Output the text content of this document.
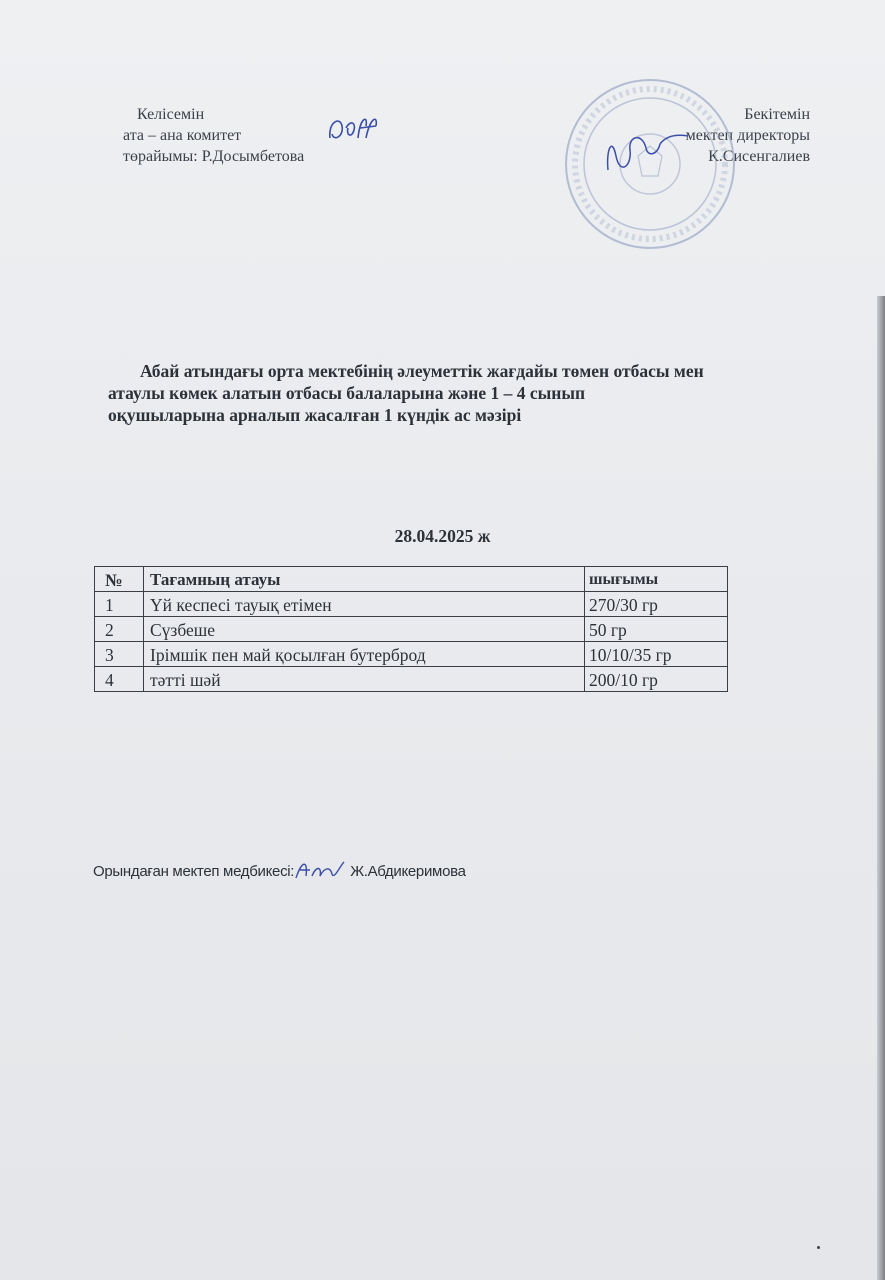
Келісемін
ата – ана комитет
төрайымы: Р.Досымбетова
Бекітемін
мектеп директоры
К.Сисенгалиев
Абай атындағы орта мектебінің әлеуметтік жағдайы төмен отбасы мен
атаулы көмек алатын отбасы балаларына және 1 – 4 сынып
оқушыларына арналып жасалған 1 күндік ас мәзірі
28.04.2025 ж
№	Тағамның атауы	шығымы
1	Үй кеспесі тауық етімен	270/30 гр
2	Сүзбеше	50 гр
3	Ірімшік пен май қосылған бутерброд	10/10/35 гр
4	тәтті шәй	200/10 гр
Орындаған мектеп медбикесі:	Ж.Абдикеримова
